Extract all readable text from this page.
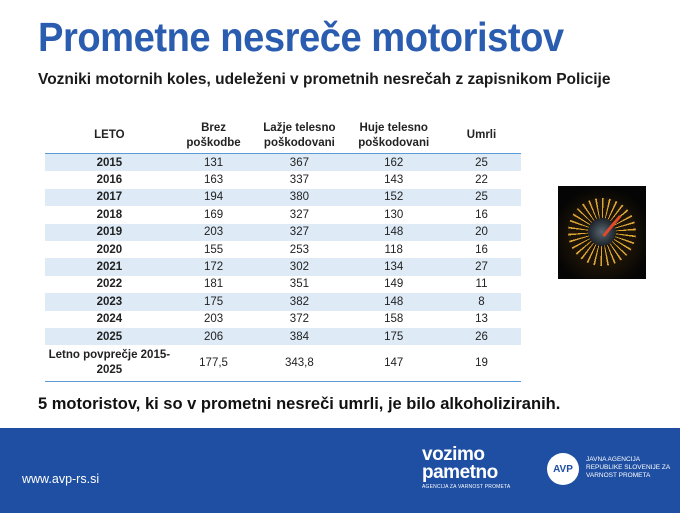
Prometne nesreče motoristov
Vozniki motornih koles, udeleženi v prometnih nesrečah z zapisnikom Policije
LETO	Brez poškodbe	Lažje telesno poškodovani	Huje telesno poškodovani	Umrli
2015	131	367	162	25
2016	163	337	143	22
2017	194	380	152	25
2018	169	327	130	16
2019	203	327	148	20
2020	155	253	118	16
2021	172	302	134	27
2022	181	351	149	11
2023	175	382	148	8
2024	203	372	158	13
2025	206	384	175	26
Letno povprečje 2015-2025	177,5	343,8	147	19
5 motoristov, ki so v prometni nesreči umrli, je bilo alkoholiziranih.
www.avp-rs.si
vozimo
pametno
AGENCIJA ZA VARNOST PROMETA
AVP
JAVNA AGENCIJA REPUBLIKE SLOVENIJE ZA VARNOST PROMETA
